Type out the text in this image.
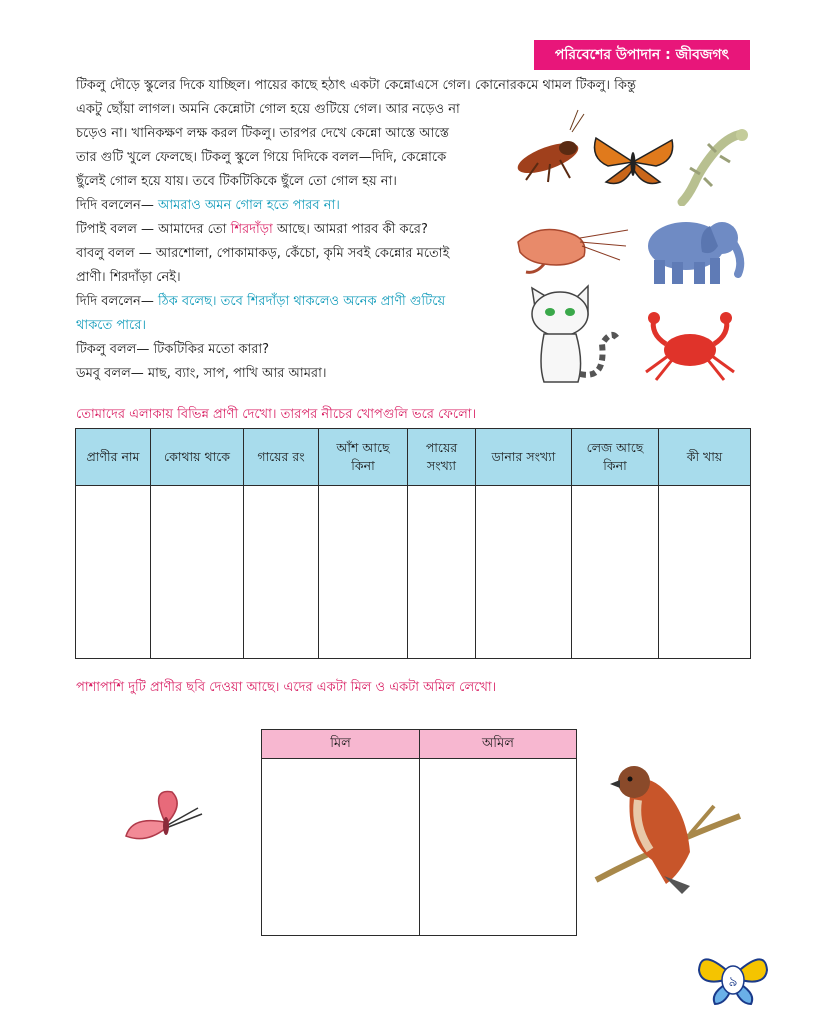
পরিবেশের উপাদান : জীবজগৎ
টিকলু দৌড়ে স্কুলের দিকে যাচ্ছিল। পায়ের কাছে হঠাৎ একটা কেন্নোএসে গেল। কোনোরকমে থামল টিকলু। কিন্তু
একটু ছোঁয়া লাগল। অমনি কেন্নোটা গোল হয়ে গুটিয়ে গেল। আর নড়েও না
চড়েও না। খানিকক্ষণ লক্ষ করল টিকলু। তারপর দেখে কেন্নো আস্তে আস্তে
তার গুটি খুলে ফেলছে। টিকলু স্কুলে গিয়ে দিদিকে বলল—দিদি, কেন্নোকে
ছুঁলেই গোল হয়ে যায়। তবে টিকটিকিকে ছুঁলে তো গোল হয় না।
দিদি বললেন— আমরাও অমন গোল হতে পারব না।
টিপাই বলল — আমাদের তো শিরদাঁড়া আছে। আমরা পারব কী করে?
বাবলু বলল — আরশোলা, পোকামাকড়, কেঁচো, কৃমি সবই কেন্নোর মতোই
প্রাণী। শিরদাঁড়া নেই।
দিদি বললেন— ঠিক বলেছ। তবে শিরদাঁড়া থাকলেও অনেক প্রাণী গুটিয়ে
থাকতে পারে।
টিকলু বলল— টিকটিকির মতো কারা?
ডমবু বলল— মাছ, ব্যাং, সাপ, পাখি আর আমরা।
তোমাদের এলাকায় বিভিন্ন প্রাণী দেখো। তারপর নীচের খোপগুলি ভরে ফেলো।
প্রাণীর নাম	কোথায় থাকে	গায়ের রং	আঁশ আছে কিনা	পায়ের সংখ্যা	ডানার সংখ্যা	লেজ আছে কিনা	কী খায়

পাশাপাশি দুটি প্রাণীর ছবি দেওয়া আছে। এদের একটা মিল ও একটা অমিল লেখো।
মিল	অমিল

৯
